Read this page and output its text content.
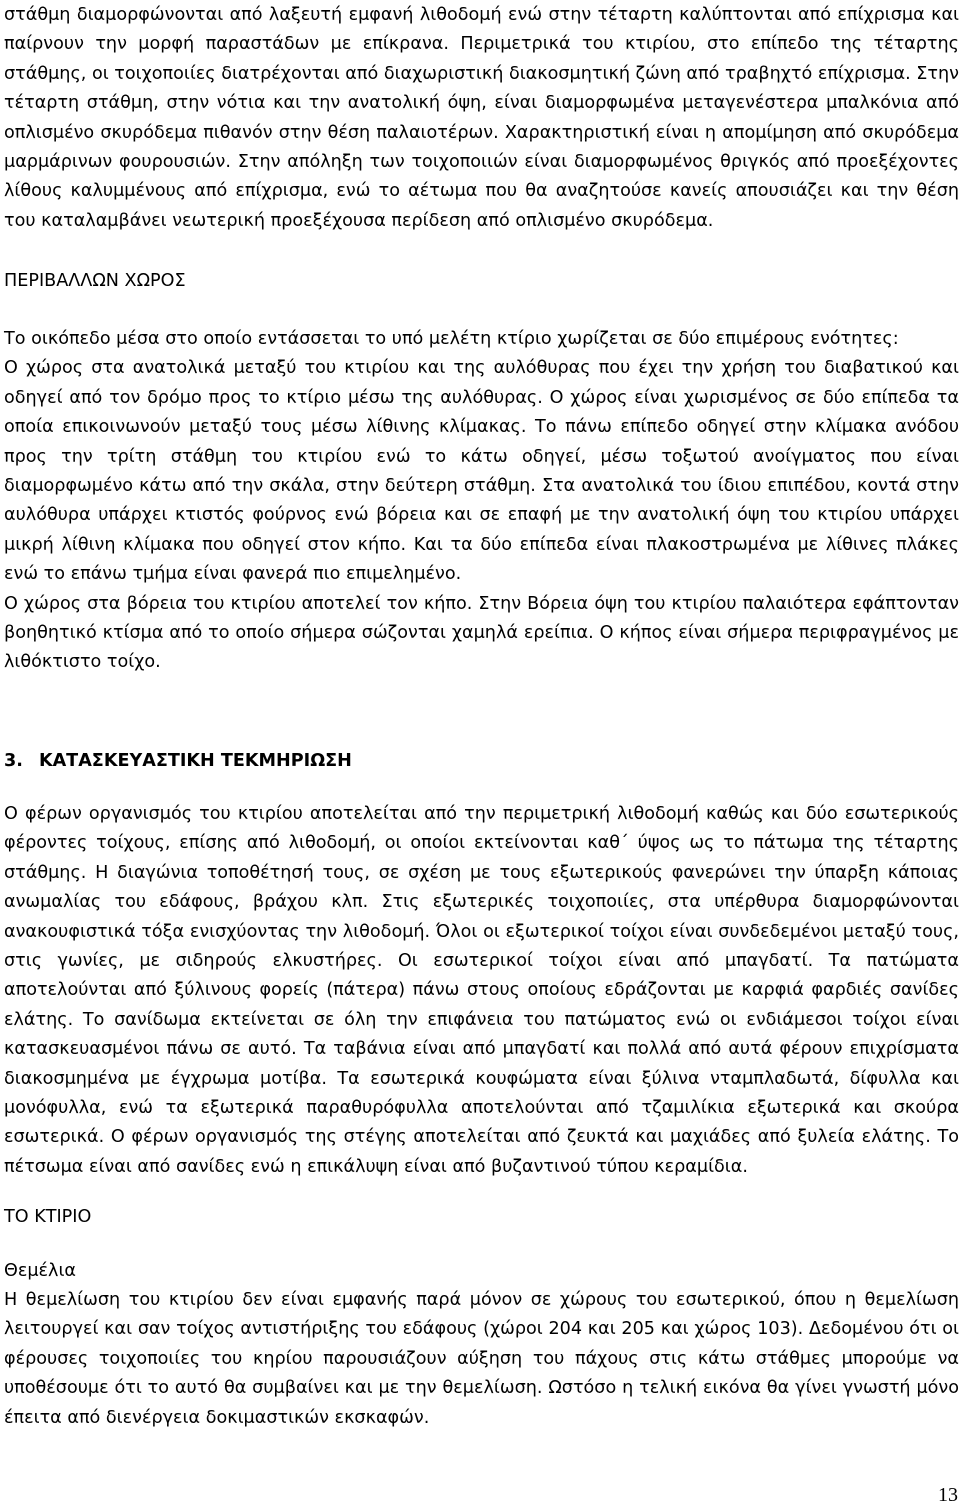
στάθμη διαμορφώνονται από λαξευτή εμφανή λιθοδομή ενώ στην τέταρτη καλύπτονται από επίχρισμα και παίρνουν την μορφή παραστάδων με επίκρανα. Περιμετρικά του κτιρίου, στο επίπεδο της τέταρτης στάθμης, οι τοιχοποιίες διατρέχονται από διαχωριστική διακοσμητική ζώνη από τραβηχτό επίχρισμα. Στην τέταρτη στάθμη, στην νότια και την ανατολική όψη, είναι διαμορφωμένα μεταγενέστερα μπαλκόνια από οπλισμένο σκυρόδεμα πιθανόν στην θέση παλαιοτέρων. Χαρακτηριστική είναι η απομίμηση από σκυρόδεμα μαρμάρινων φουρουσιών. Στην απόληξη των τοιχοποιιών είναι διαμορφωμένος θριγκός από προεξέχοντες λίθους καλυμμένους από επίχρισμα, ενώ το αέτωμα που θα αναζητούσε κανείς απουσιάζει και την θέση του καταλαμβάνει νεωτερική προεξέχουσα περίδεση από οπλισμένο σκυρόδεμα.

ΠΕΡΙΒΑΛΛΩΝ ΧΩΡΟΣ

Το οικόπεδο μέσα στο οποίο εντάσσεται το υπό μελέτη κτίριο χωρίζεται σε δύο επιμέρους ενότητες:

Ο χώρος στα ανατολικά μεταξύ του κτιρίου και της αυλόθυρας που έχει την χρήση του διαβατικού και οδηγεί από τον δρόμο προς το κτίριο μέσω της αυλόθυρας. Ο χώρος είναι χωρισμένος σε δύο επίπεδα τα οποία επικοινωνούν μεταξύ τους μέσω λίθινης κλίμακας. Το πάνω επίπεδο οδηγεί στην κλίμακα ανόδου προς την τρίτη στάθμη του κτιρίου ενώ το κάτω οδηγεί, μέσω τοξωτού ανοίγματος που είναι διαμορφωμένο κάτω από την σκάλα, στην δεύτερη στάθμη. Στα ανατολικά του ίδιου επιπέδου, κοντά στην αυλόθυρα υπάρχει κτιστός φούρνος ενώ βόρεια και σε επαφή με την ανατολική όψη του κτιρίου υπάρχει μικρή λίθινη κλίμακα που οδηγεί στον κήπο. Και τα δύο επίπεδα είναι πλακοστρωμένα με λίθινες πλάκες ενώ το επάνω τμήμα είναι φανερά πιο επιμελημένο.

Ο χώρος στα βόρεια του κτιρίου αποτελεί τον κήπο. Στην Βόρεια όψη του κτιρίου παλαιότερα εφάπτονταν βοηθητικό κτίσμα από το οποίο σήμερα σώζονται χαμηλά ερείπια. Ο κήπος είναι σήμερα περιφραγμένος με λιθόκτιστο τοίχο.

3. ΚΑΤΑΣΚΕΥΑΣΤΙΚΗ ΤΕΚΜΗΡΙΩΣΗ

Ο φέρων οργανισμός του κτιρίου αποτελείται από την περιμετρική λιθοδομή καθώς και δύο εσωτερικούς φέροντες τοίχους, επίσης από λιθοδομή, οι οποίοι εκτείνονται καθ΄ ύψος ως το πάτωμα της τέταρτης στάθμης. Η διαγώνια τοποθέτησή τους, σε σχέση με τους εξωτερικούς φανερώνει την ύπαρξη κάποιας ανωμαλίας του εδάφους, βράχου κλπ. Στις εξωτερικές τοιχοποιίες, στα υπέρθυρα διαμορφώνονται ανακουφιστικά τόξα ενισχύοντας την λιθοδομή. Όλοι οι εξωτερικοί τοίχοι είναι συνδεδεμένοι μεταξύ τους, στις γωνίες, με σιδηρούς ελκυστήρες. Οι εσωτερικοί τοίχοι είναι από μπαγδατί. Τα πατώματα αποτελούνται από ξύλινους φορείς (πάτερα) πάνω στους οποίους εδράζονται με καρφιά φαρδιές σανίδες ελάτης. Το σανίδωμα εκτείνεται σε όλη την επιφάνεια του πατώματος ενώ οι ενδιάμεσοι τοίχοι είναι κατασκευασμένοι πάνω σε αυτό. Τα ταβάνια είναι από μπαγδατί και πολλά από αυτά φέρουν επιχρίσματα διακοσμημένα με έγχρωμα μοτίβα. Τα εσωτερικά κουφώματα είναι ξύλινα νταμπλαδωτά, δίφυλλα και μονόφυλλα, ενώ τα εξωτερικά παραθυρόφυλλα αποτελούνται από τζαμιλίκια εξωτερικά και σκούρα εσωτερικά. Ο φέρων οργανισμός της στέγης αποτελείται από ζευκτά και μαχιάδες από ξυλεία ελάτης. Το πέτσωμα είναι από σανίδες ενώ η επικάλυψη είναι από βυζαντινού τύπου κεραμίδια.

ΤΟ ΚΤΙΡΙΟ
Θεμέλια

Η θεμελίωση του κτιρίου δεν είναι εμφανής παρά μόνον σε χώρους του εσωτερικού, όπου η θεμελίωση λειτουργεί και σαν τοίχος αντιστήριξης του εδάφους (χώροι 204 και 205 και χώρος 103). Δεδομένου ότι οι φέρουσες τοιχοποιίες του κηρίου παρουσιάζουν αύξηση του πάχους στις κάτω στάθμες μπορούμε να υποθέσουμε ότι το αυτό θα συμβαίνει και με την θεμελίωση. Ωστόσο η τελική εικόνα θα γίνει γνωστή μόνο έπειτα από διενέργεια δοκιμαστικών εκσκαφών.

13
